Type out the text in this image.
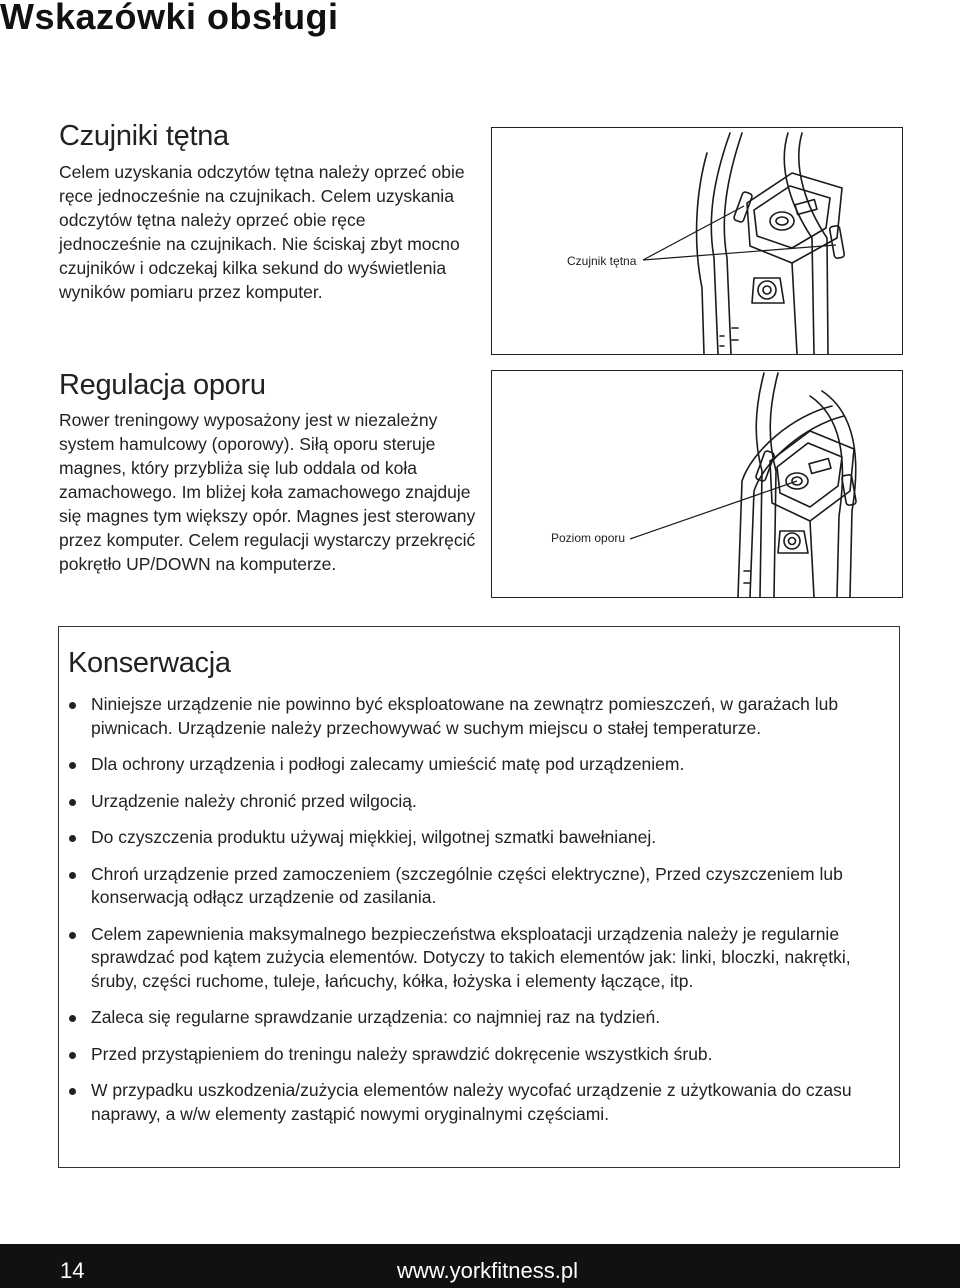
Wskazówki obsługi
Czujniki tętna

Celem uzyskania odczytów tętna należy oprzeć obie ręce jednocześnie na czujnikach. Celem uzyskania odczytów tętna należy oprzeć obie ręce jednocześnie na czujnikach. Nie ściskaj zbyt mocno czujników i odczekaj kilka sekund do wyświetlenia wyników pomiaru przez komputer.

Czujnik tętna
Regulacja oporu

Rower treningowy wyposażony jest w niezależny system hamulcowy (oporowy). Siłą oporu steruje magnes, który przybliża się lub oddala od koła zamachowego. Im bliżej koła zamachowego znajduje się magnes tym większy opór. Magnes jest sterowany przez komputer. Celem regulacji wystarczy przekręcić pokrętło UP/DOWN na komputerze.

Poziom oporu
Konserwacja
Niniejsze urządzenie nie powinno być eksploatowane na zewnątrz pomieszczeń, w garażach lub piwnicach. Urządzenie należy przechowywać w suchym miejscu o stałej temperaturze.
Dla ochrony urządzenia i podłogi zalecamy umieścić matę pod urządzeniem.
Urządzenie należy chronić przed wilgocią.
Do czyszczenia produktu używaj miękkiej, wilgotnej szmatki bawełnianej.
Chroń urządzenie przed zamoczeniem (szczególnie części elektryczne), Przed czyszczeniem lub konserwacją odłącz urządzenie od zasilania.
Celem zapewnienia maksymalnego bezpieczeństwa eksploatacji urządzenia należy je regularnie sprawdzać pod kątem zużycia elementów. Dotyczy to takich elementów jak: linki, bloczki, nakrętki, śruby, części ruchome, tuleje, łańcuchy, kółka, łożyska i elementy łączące, itp.
Zaleca się regularne sprawdzanie urządzenia: co najmniej raz na tydzień.
Przed przystąpieniem do treningu należy sprawdzić dokręcenie wszystkich śrub.
W przypadku uszkodzenia/zużycia elementów należy wycofać urządzenie z użytkowania do czasu naprawy, a w/w elementy zastąpić nowymi oryginalnymi częściami.
14	www.yorkfitness.pl
